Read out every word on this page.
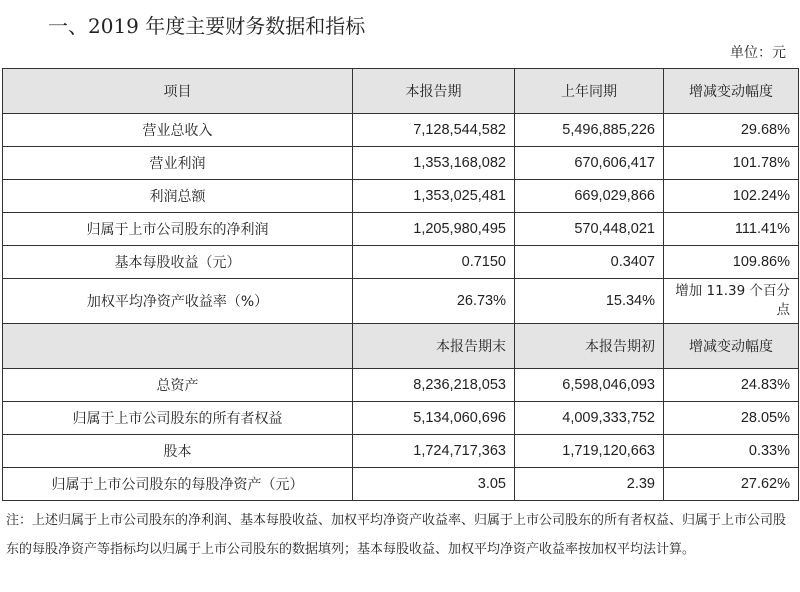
一、2019 年度主要财务数据和指标
单位：元
项目	本报告期	上年同期	增减变动幅度
营业总收入	7,128,544,582	5,496,885,226	29.68%
营业利润	1,353,168,082	670,606,417	101.78%
利润总额	1,353,025,481	669,029,866	102.24%
归属于上市公司股东的净利润	1,205,980,495	570,448,021	111.41%
基本每股收益（元）	0.7150	0.3407	109.86%
加权平均净资产收益率（%）	26.73%	15.34%	增加 11.39 个百分点
	本报告期末	本报告期初	增减变动幅度
总资产	8,236,218,053	6,598,046,093	24.83%
归属于上市公司股东的所有者权益	5,134,060,696	4,009,333,752	28.05%
股本	1,724,717,363	1,719,120,663	0.33%
归属于上市公司股东的每股净资产（元）	3.05	2.39	27.62%
注：上述归属于上市公司股东的净利润、基本每股收益、加权平均净资产收益率、归属于上市公司股东的所有者权益、归属于上市公司股东的每股净资产等指标均以归属于上市公司股东的数据填列；基本每股收益、加权平均净资产收益率按加权平均法计算。
